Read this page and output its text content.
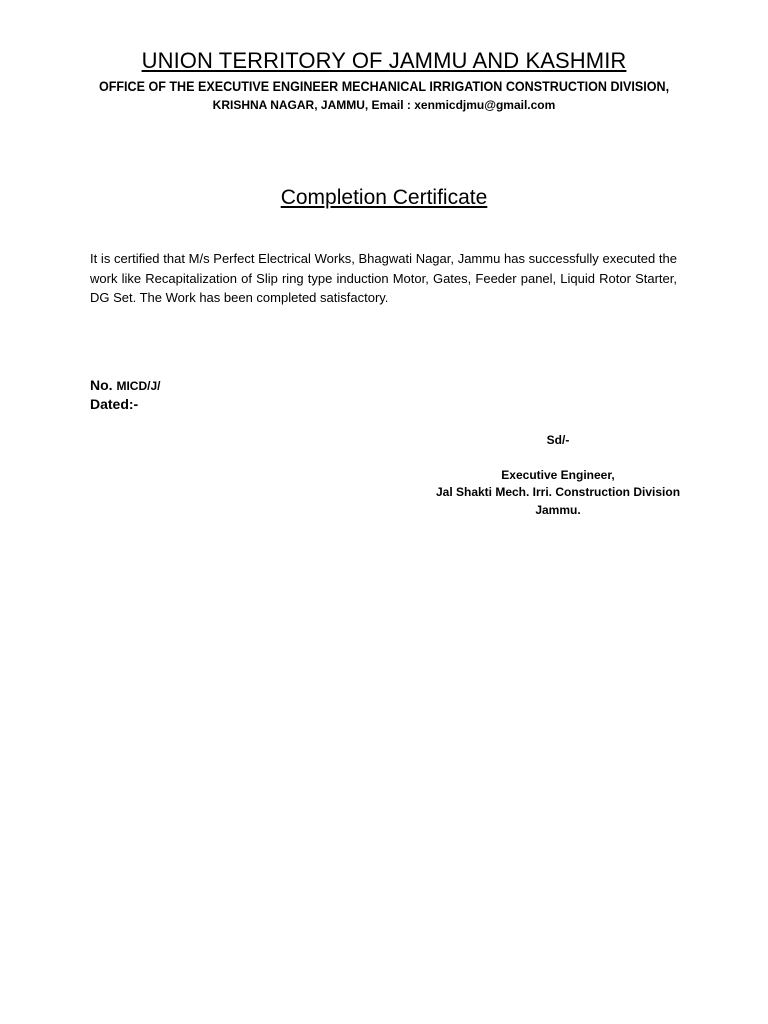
UNION TERRITORY OF JAMMU AND KASHMIR
OFFICE OF THE EXECUTIVE ENGINEER MECHANICAL IRRIGATION CONSTRUCTION DIVISION,
KRISHNA NAGAR, JAMMU, Email : xenmicdjmu@gmail.com
Completion Certificate
It is certified that M/s Perfect Electrical Works, Bhagwati Nagar, Jammu has successfully executed the work like Recapitalization of Slip ring type induction Motor, Gates, Feeder panel, Liquid Rotor Starter, DG Set. The Work has been completed satisfactory.
No. MICD/J/
Dated:-
Sd/-
Executive Engineer,
Jal Shakti Mech. Irri. Construction Division
Jammu.
